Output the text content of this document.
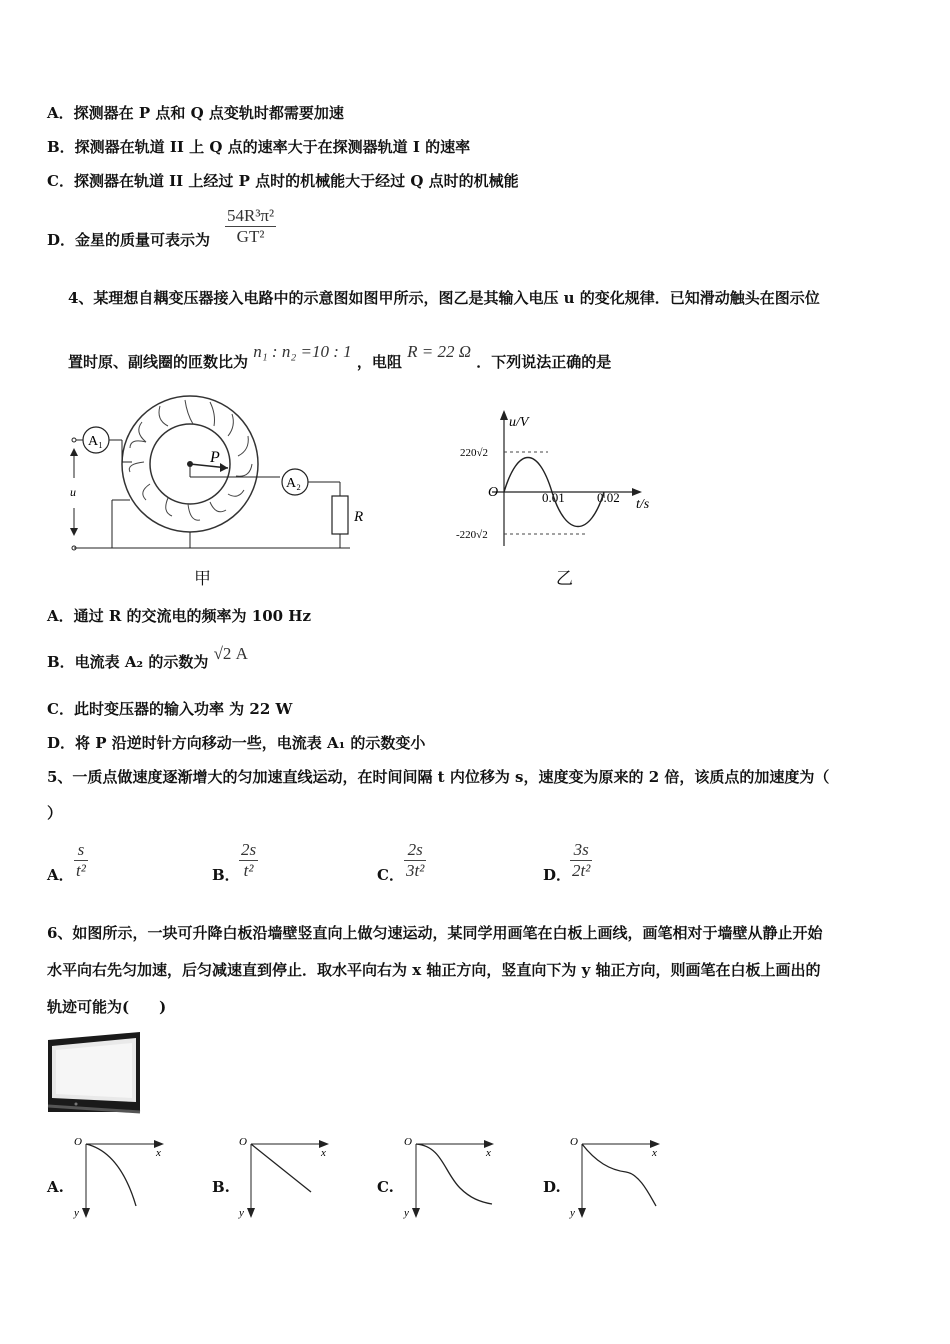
A．探测器在 P 点和 Q 点变轨时都需要加速
B．探测器在轨道 II 上 Q 点的速率大于在探测器轨道 I 的速率
C．探测器在轨道 II 上经过 P 点时的机械能大于经过 Q 点时的机械能
D．金星的质量可表示为 $\frac{\text{54R³π²}}{\text{GT²}}$
4、某理想自耦变压器接入电路中的示意图如图甲所示，图乙是其输入电压 u 的变化规律．已知滑动触头在图示位
置时原、副线圈的匝数比为 n₁ : n₂ =10 : 1 ，电阻 R = 22 Ω ．下列说法正确的是
P
A₁
u
A₂
R
甲
u/V
t/s
O
220√2
-220√2
0.01 0.02
乙
A．通过 R 的交流电的频率为 100 Hz
B．电流表 A₂ 的示数为 √2 A
C．此时变压器的输入功率 为 22 W
D．将 P 沿逆时针方向移动一些，电流表 A₁ 的示数变小
5、一质点做速度逐渐增大的匀加速直线运动，在时间间隔 t 内位移为 s，速度变为原来的 2 倍，该质点的加速度为（
）
A． $\frac{s}{\text{t²}}$	B． $\frac{2s}{\text{t²}}$	C． $\frac{2s}{\text{3t²}}$	D．
$\frac{3s}{\text{2t²}}$
6、如图所示，一块可升降白板沿墙壁竖直向上做匀速运动，某同学用画笔在白板上画线，画笔相对于墙壁从静止开始
水平向右先匀加速，后匀减速直到停止．取水平向右为 x 轴正方向，竖直向下为 y 轴正方向，则画笔在白板上画出的
轨迹可能为(　　)
A.
O
x
y
B.
O
x
y
C.
O
x
y
D.
O
x
y
